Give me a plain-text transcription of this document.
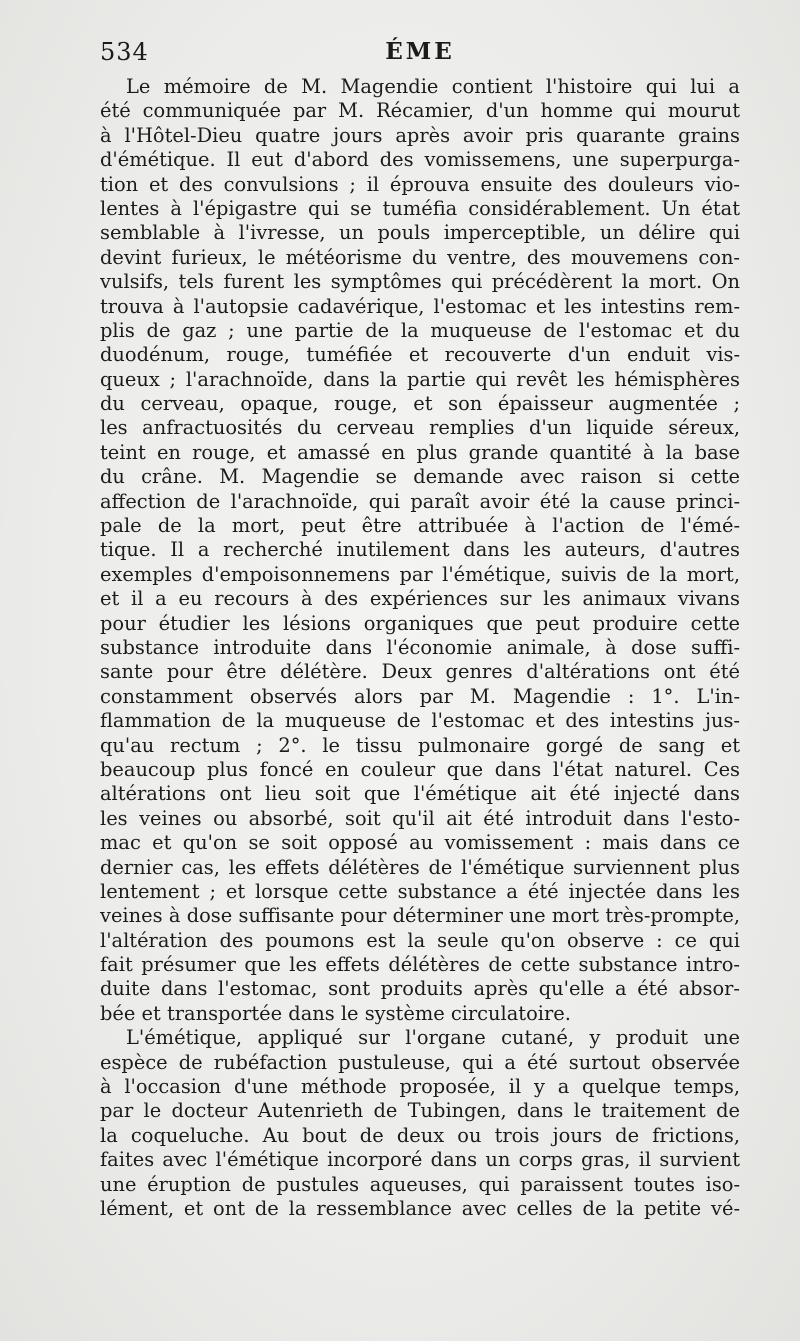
534	ÉME
Le mémoire de M. Magendie contient l'histoire qui lui a
été communiquée par M. Récamier, d'un homme qui mourut
à l'Hôtel-Dieu quatre jours après avoir pris quarante grains
d'émétique. Il eut d'abord des vomissemens, une superpurga-
tion et des convulsions ; il éprouva ensuite des douleurs vio-
lentes à l'épigastre qui se tuméfia considérablement. Un état
semblable à l'ivresse, un pouls imperceptible, un délire qui
devint furieux, le météorisme du ventre, des mouvemens con-
vulsifs, tels furent les symptômes qui précédèrent la mort. On
trouva à l'autopsie cadavérique, l'estomac et les intestins rem-
plis de gaz ; une partie de la muqueuse de l'estomac et du
duodénum, rouge, tuméfiée et recouverte d'un enduit vis-
queux ; l'arachnoïde, dans la partie qui revêt les hémisphères
du cerveau, opaque, rouge, et son épaisseur augmentée ;
les anfractuosités du cerveau remplies d'un liquide séreux,
teint en rouge, et amassé en plus grande quantité à la base
du crâne. M. Magendie se demande avec raison si cette
affection de l'arachnoïde, qui paraît avoir été la cause princi-
pale de la mort, peut être attribuée à l'action de l'émé-
tique. Il a recherché inutilement dans les auteurs, d'autres
exemples d'empoisonnemens par l'émétique, suivis de la mort,
et il a eu recours à des expériences sur les animaux vivans
pour étudier les lésions organiques que peut produire cette
substance introduite dans l'économie animale, à dose suffi-
sante pour être délétère. Deux genres d'altérations ont été
constamment observés alors par M. Magendie : 1°. L'in-
flammation de la muqueuse de l'estomac et des intestins jus-
qu'au rectum ; 2°. le tissu pulmonaire gorgé de sang et
beaucoup plus foncé en couleur que dans l'état naturel. Ces
altérations ont lieu soit que l'émétique ait été injecté dans
les veines ou absorbé, soit qu'il ait été introduit dans l'esto-
mac et qu'on se soit opposé au vomissement : mais dans ce
dernier cas, les effets délétères de l'émétique surviennent plus
lentement ; et lorsque cette substance a été injectée dans les
veines à dose suffisante pour déterminer une mort très-prompte,
l'altération des poumons est la seule qu'on observe : ce qui
fait présumer que les effets délétères de cette substance intro-
duite dans l'estomac, sont produits après qu'elle a été absor-
bée et transportée dans le système circulatoire.
L'émétique, appliqué sur l'organe cutané, y produit une
espèce de rubéfaction pustuleuse, qui a été surtout observée
à l'occasion d'une méthode proposée, il y a quelque temps,
par le docteur Autenrieth de Tubingen, dans le traitement de
la coqueluche. Au bout de deux ou trois jours de frictions,
faites avec l'émétique incorporé dans un corps gras, il survient
une éruption de pustules aqueuses, qui paraissent toutes iso-
lément, et ont de la ressemblance avec celles de la petite vé-
